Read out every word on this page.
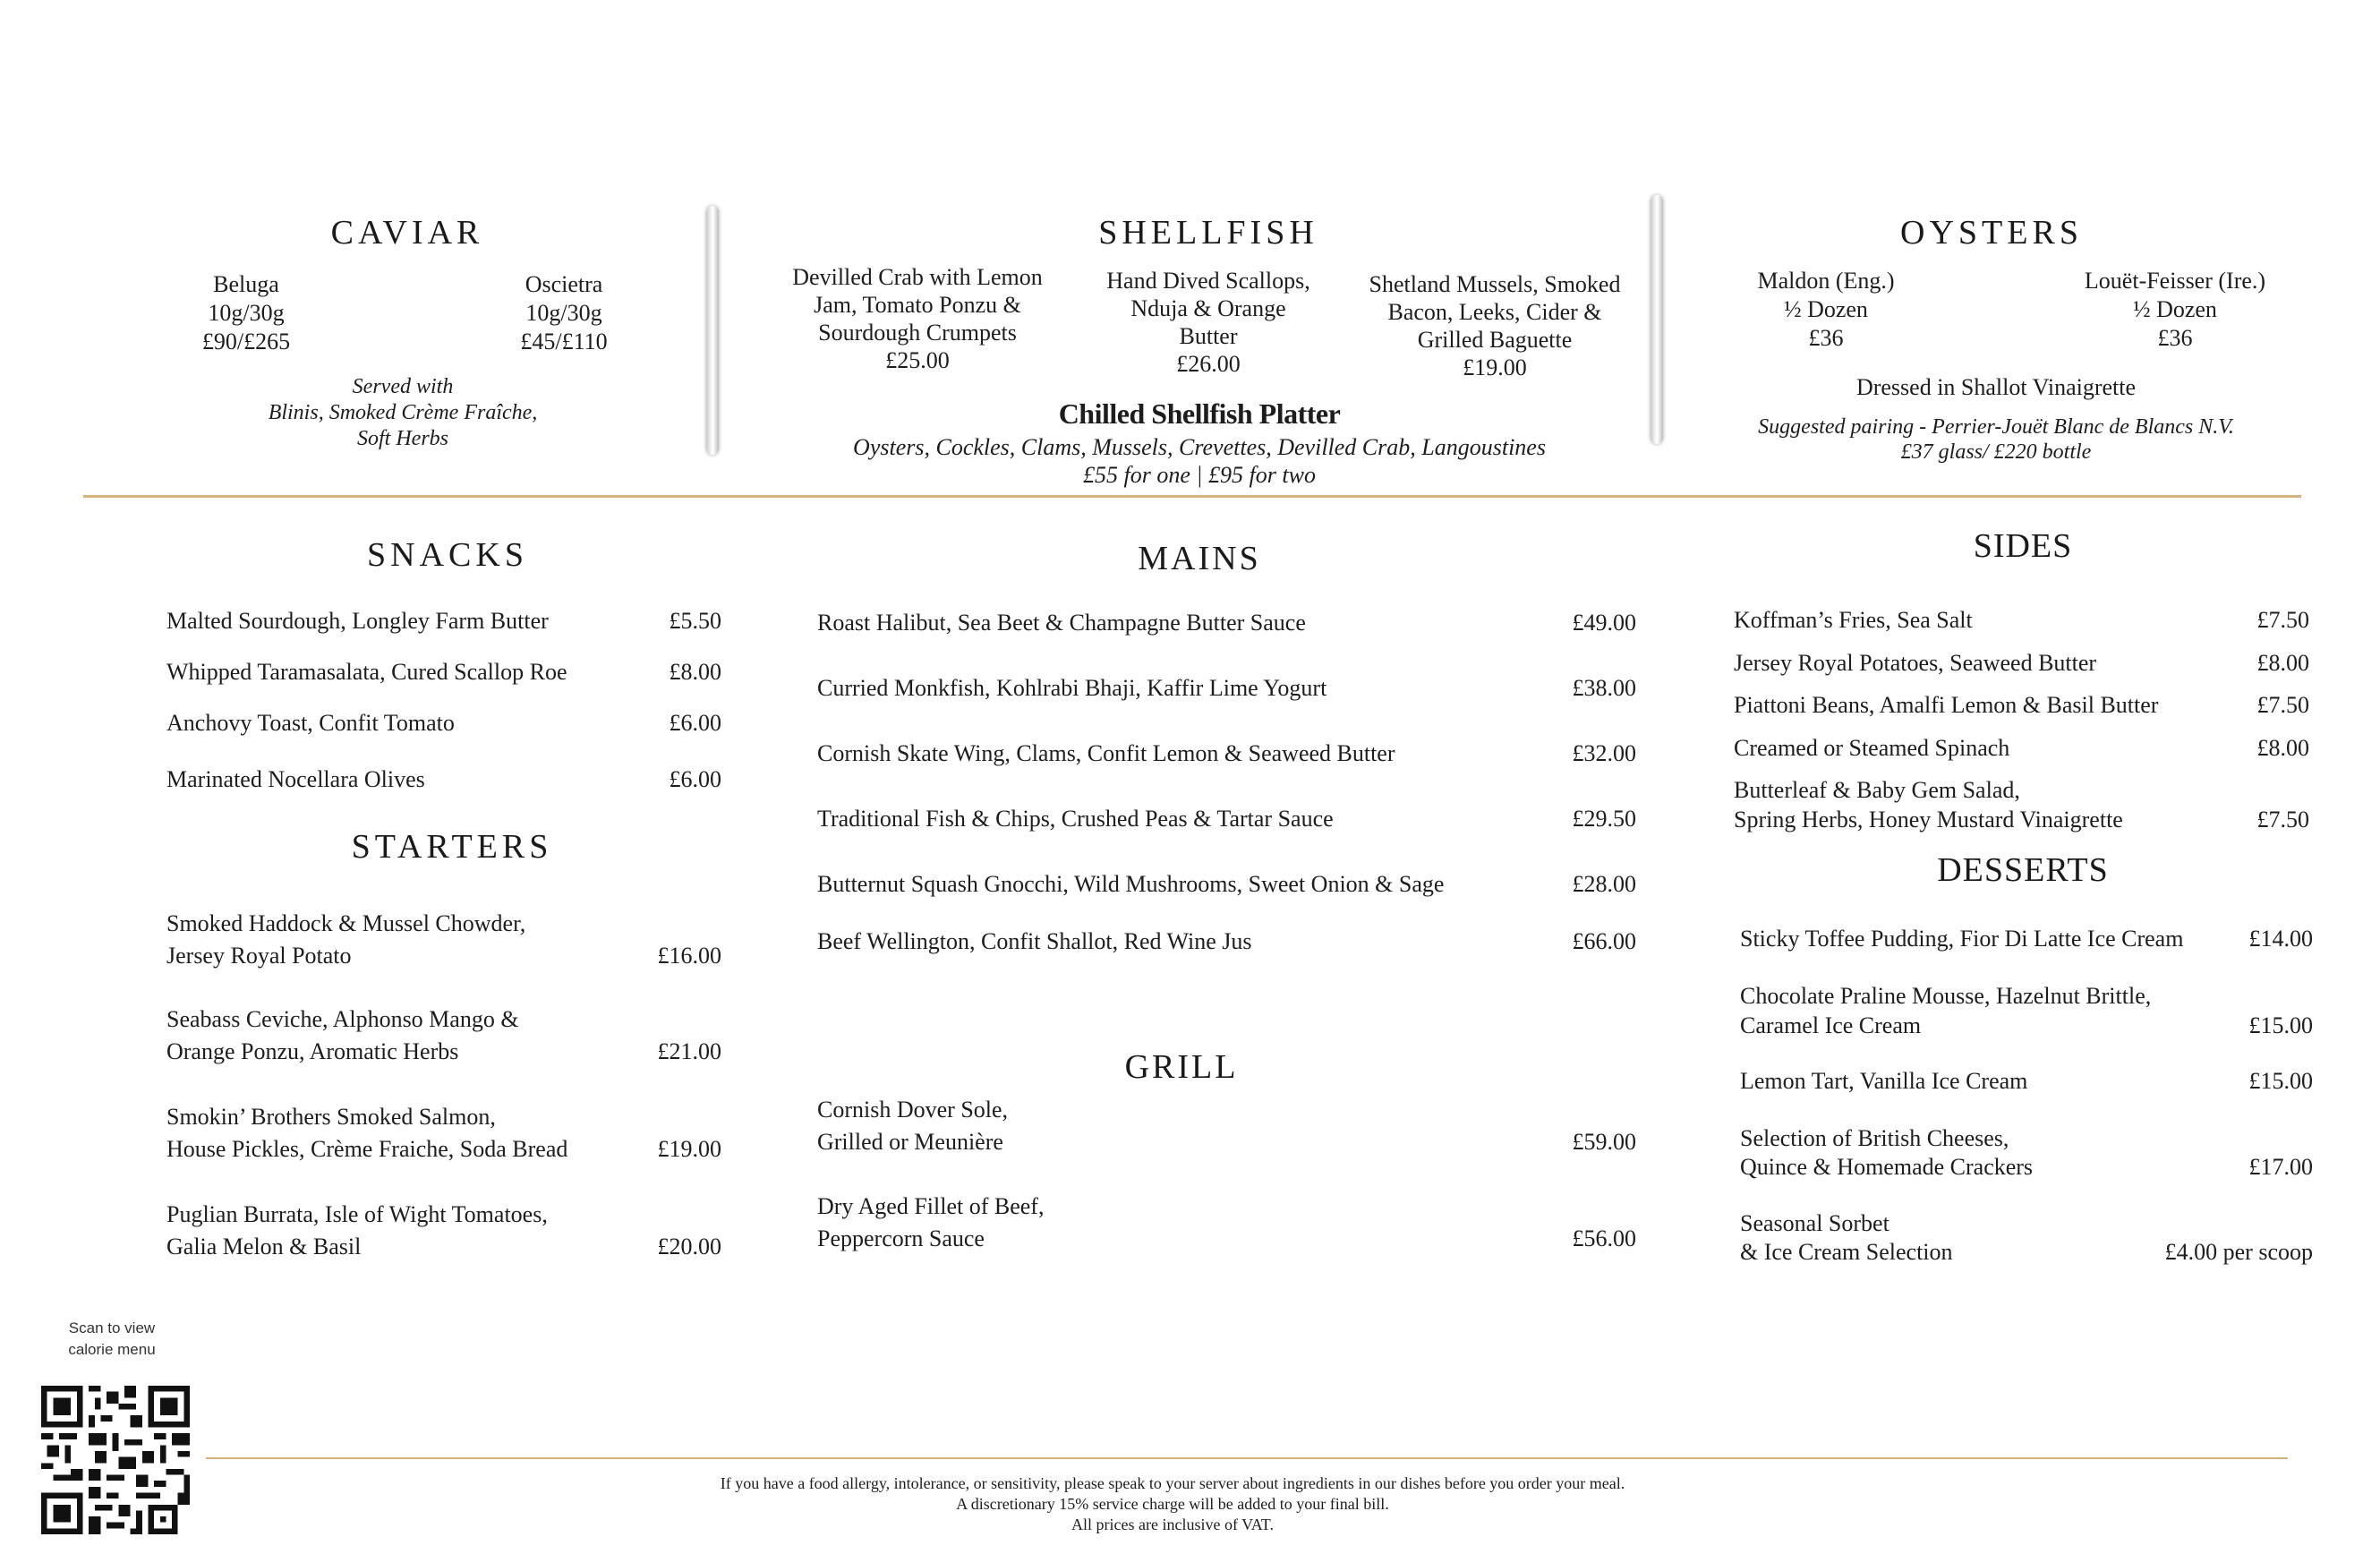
CAVIAR
Beluga
10g/30g
£90/£265
Oscietra
10g/30g
£45/£110
Served with
Blinis, Smoked Crème Fraîche,
Soft Herbs
SHELLFISH
Devilled Crab with Lemon
Jam, Tomato Ponzu &
Sourdough Crumpets
£25.00
Hand Dived Scallops,
Nduja & Orange
Butter
£26.00
Shetland Mussels, Smoked
Bacon, Leeks, Cider &
Grilled Baguette
£19.00
Chilled Shellfish Platter
Oysters, Cockles, Clams, Mussels, Crevettes, Devilled Crab, Langoustines
£55 for one | £95 for two
OYSTERS
Maldon (Eng.)
½ Dozen
£36
Louët-Feisser (Ire.)
½ Dozen
£36
Dressed in Shallot Vinaigrette
Suggested pairing - Perrier-Jouët Blanc de Blancs N.V.
£37 glass/ £220 bottle
SNACKS
Malted Sourdough, Longley Farm Butter	£5.50
Whipped Taramasalata, Cured Scallop Roe	£8.00
Anchovy Toast, Confit Tomato	£6.00
Marinated Nocellara Olives	£6.00
STARTERS
Smoked Haddock & Mussel Chowder,
Jersey Royal Potato	£16.00
Seabass Ceviche, Alphonso Mango &
Orange Ponzu, Aromatic Herbs	£21.00
Smokin’ Brothers Smoked Salmon,
House Pickles, Crème Fraiche, Soda Bread	£19.00
Puglian Burrata, Isle of Wight Tomatoes,
Galia Melon & Basil	£20.00
MAINS
Roast Halibut, Sea Beet & Champagne Butter Sauce	£49.00
Curried Monkfish, Kohlrabi Bhaji, Kaffir Lime Yogurt	£38.00
Cornish Skate Wing, Clams, Confit Lemon & Seaweed Butter	£32.00
Traditional Fish & Chips, Crushed Peas & Tartar Sauce	£29.50
Butternut Squash Gnocchi, Wild Mushrooms, Sweet Onion & Sage	£28.00
Beef Wellington, Confit Shallot, Red Wine Jus	£66.00
GRILL
Cornish Dover Sole,
Grilled or Meunière	£59.00
Dry Aged Fillet of Beef,
Peppercorn Sauce	£56.00
SIDES
Koffman’s Fries, Sea Salt	£7.50
Jersey Royal Potatoes, Seaweed Butter	£8.00
Piattoni Beans, Amalfi Lemon & Basil Butter	£7.50
Creamed or Steamed Spinach	£8.00
Butterleaf & Baby Gem Salad,
Spring Herbs, Honey Mustard Vinaigrette	£7.50
DESSERTS
Sticky Toffee Pudding, Fior Di Latte Ice Cream	£14.00
Chocolate Praline Mousse, Hazelnut Brittle,
Caramel Ice Cream	£15.00
Lemon Tart, Vanilla Ice Cream	£15.00
Selection of British Cheeses,
Quince & Homemade Crackers	£17.00
Seasonal Sorbet
& Ice Cream Selection	£4.00 per scoop
Scan to view
calorie menu
If you have a food allergy, intolerance, or sensitivity, please speak to your server about ingredients in our dishes before you order your meal.
A discretionary 15% service charge will be added to your final bill.
All prices are inclusive of VAT.
